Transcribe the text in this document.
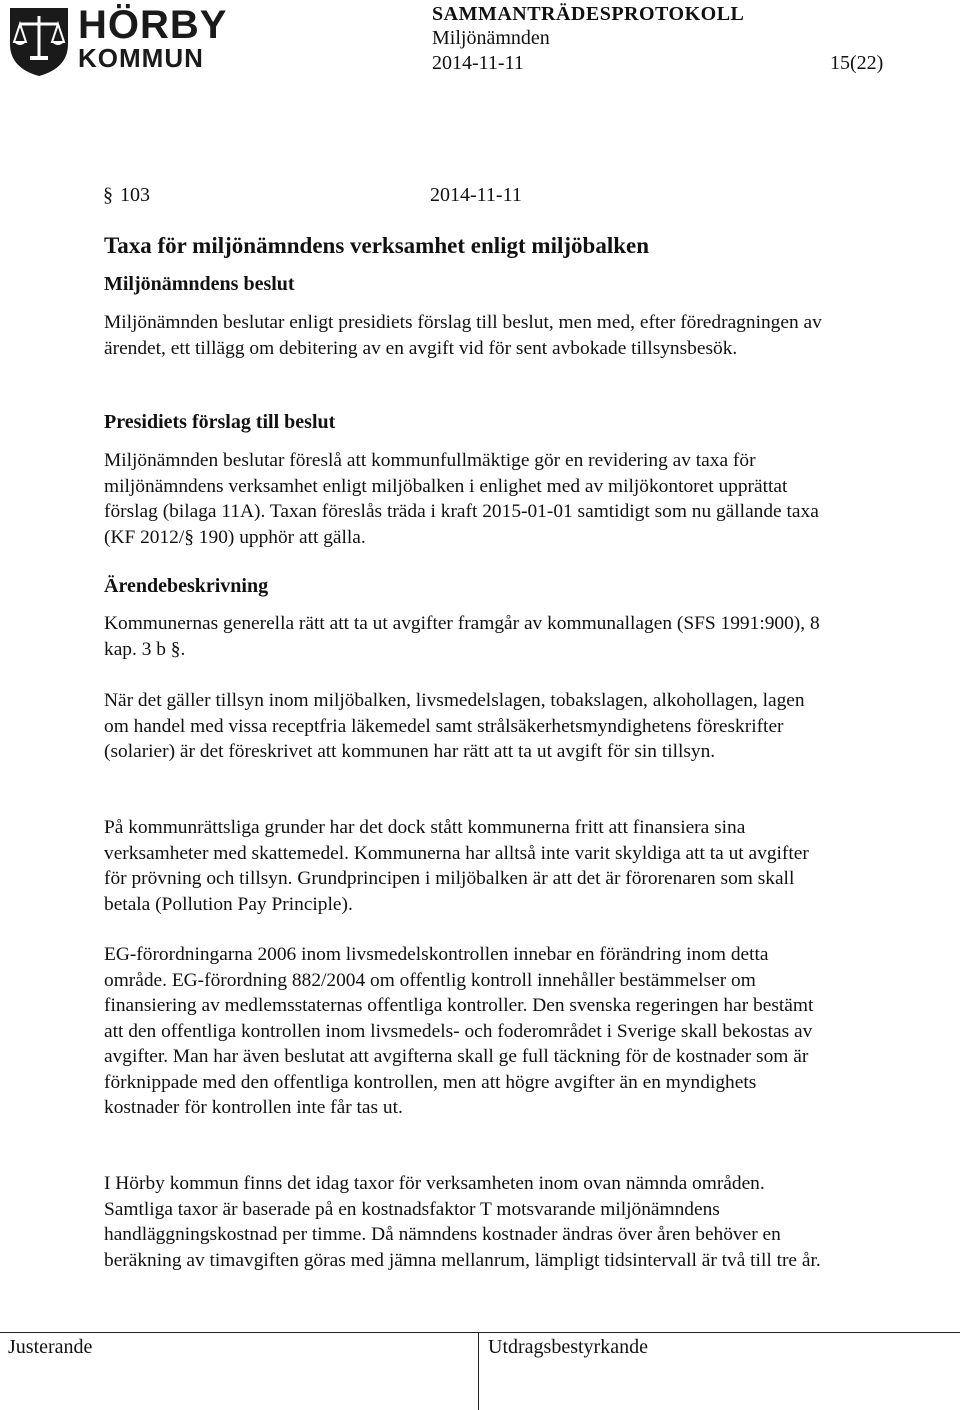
HÖRBY
KOMMUN
SAMMANTRÄDESPROTOKOLL
Miljönämnden
2014-11-11	15(22)
§ 103	2014-11-11
Taxa för miljönämndens verksamhet enligt miljöbalken
Miljönämndens beslut
Miljönämnden beslutar enligt presidiets förslag till beslut, men med, efter föredragningen av ärendet, ett tillägg om debitering av en avgift vid för sent avbokade tillsynsbesök.
Presidiets förslag till beslut
Miljönämnden beslutar föreslå att kommunfullmäktige gör en revidering av taxa för miljönämndens verksamhet enligt miljöbalken i enlighet med av miljökontoret upprättat förslag (bilaga 11A). Taxan föreslås träda i kraft 2015-01-01 samtidigt som nu gällande taxa (KF 2012/§ 190) upphör att gälla.
Ärendebeskrivning
Kommunernas generella rätt att ta ut avgifter framgår av kommunallagen (SFS 1991:900), 8 kap. 3 b §.
När det gäller tillsyn inom miljöbalken, livsmedelslagen, tobakslagen, alkohollagen, lagen om handel med vissa receptfria läkemedel samt strålsäkerhetsmyndighetens föreskrifter (solarier) är det föreskrivet att kommunen har rätt att ta ut avgift för sin tillsyn.
På kommunrättsliga grunder har det dock stått kommunerna fritt att finansiera sina verksamheter med skattemedel. Kommunerna har alltså inte varit skyldiga att ta ut avgifter för prövning och tillsyn. Grundprincipen i miljöbalken är att det är förorenaren som skall betala (Pollution Pay Principle).
EG-förordningarna 2006 inom livsmedelskontrollen innebar en förändring inom detta område. EG-förordning 882/2004 om offentlig kontroll innehåller bestämmelser om finansiering av medlemsstaternas offentliga kontroller. Den svenska regeringen har bestämt att den offentliga kontrollen inom livsmedels- och foderområdet i Sverige skall bekostas av avgifter. Man har även beslutat att avgifterna skall ge full täckning för de kostnader som är förknippade med den offentliga kontrollen, men att högre avgifter än en myndighets kostnader för kontrollen inte får tas ut.
I Hörby kommun finns det idag taxor för verksamheten inom ovan nämnda områden. Samtliga taxor är baserade på en kostnadsfaktor T motsvarande miljönämndens handläggningskostnad per timme. Då nämndens kostnader ändras över åren behöver en beräkning av timavgiften göras med jämna mellanrum, lämpligt tidsintervall är två till tre år.
Justerande	Utdragsbestyrkande
